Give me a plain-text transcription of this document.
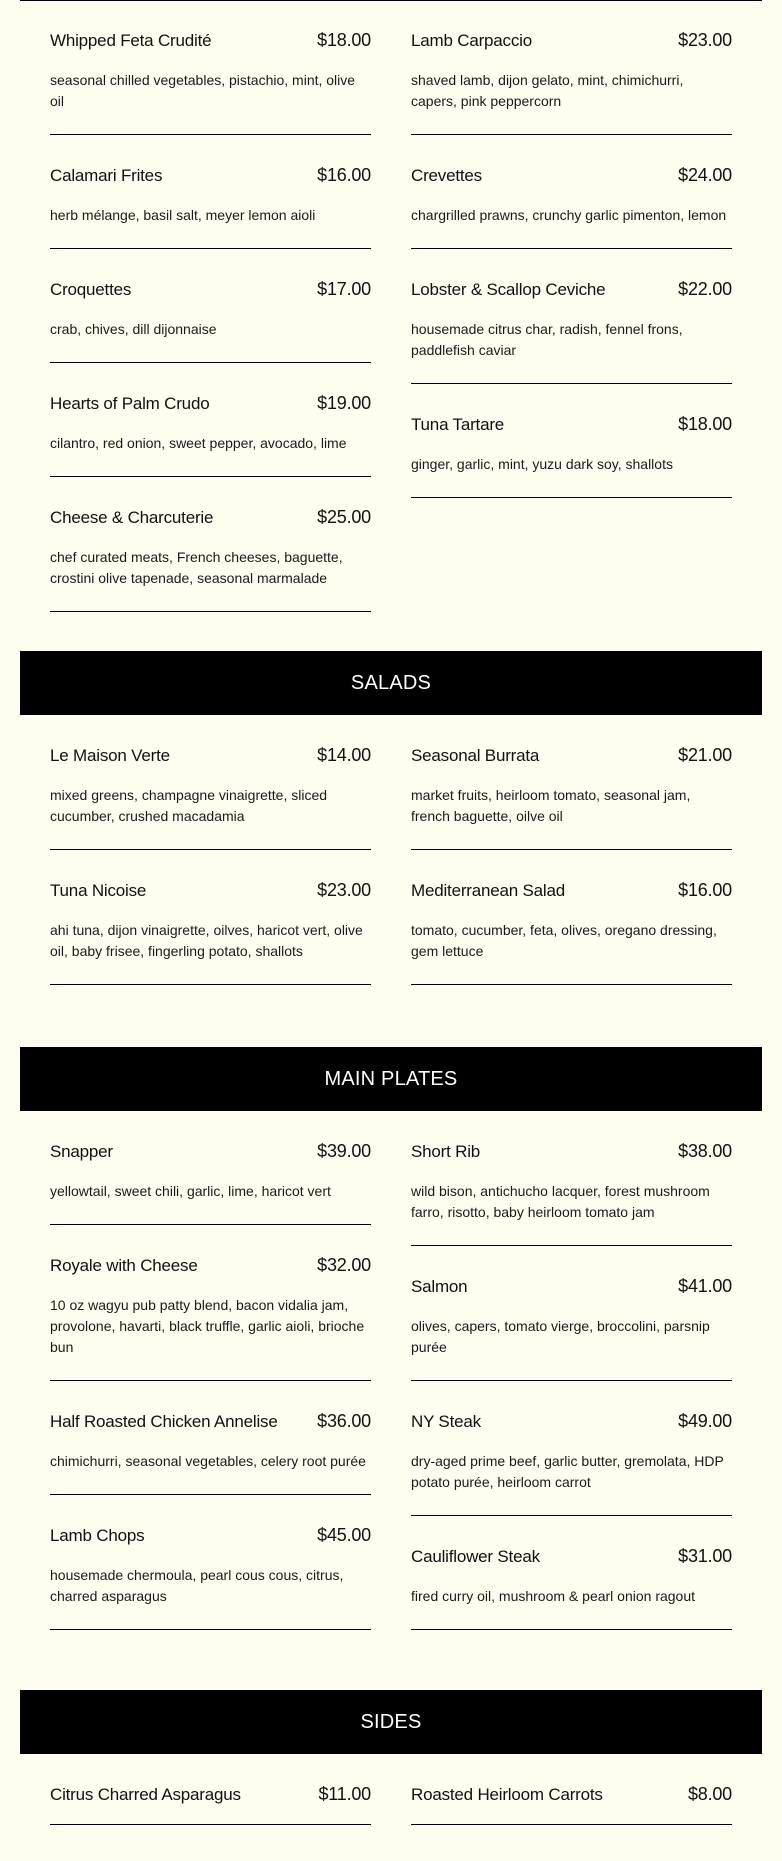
Whipped Feta Crudité	$18.00
seasonal chilled vegetables, pistachio, mint, olive oil
Calamari Frites	$16.00
herb mélange, basil salt, meyer lemon aioli
Croquettes	$17.00
crab, chives, dill dijonnaise
Hearts of Palm Crudo	$19.00
cilantro, red onion, sweet pepper, avocado, lime
Cheese & Charcuterie	$25.00
chef curated meats, French cheeses, baguette, crostini olive tapenade, seasonal marmalade
Lamb Carpaccio	$23.00
shaved lamb, dijon gelato, mint, chimichurri, capers, pink peppercorn
Crevettes	$24.00
chargrilled prawns, crunchy garlic pimenton, lemon
Lobster & Scallop Ceviche	$22.00
housemade citrus char, radish, fennel frons, paddlefish caviar
Tuna Tartare	$18.00
ginger, garlic, mint, yuzu dark soy, shallots
SALADS
Le Maison Verte	$14.00
mixed greens, champagne vinaigrette, sliced cucumber, crushed macadamia
Tuna Nicoise	$23.00
ahi tuna, dijon vinaigrette, oilves, haricot vert, olive oil, baby frisee, fingerling potato, shallots
Seasonal Burrata	$21.00
market fruits, heirloom tomato, seasonal jam, french baguette, oilve oil
Mediterranean Salad	$16.00
tomato, cucumber, feta, olives, oregano dressing, gem lettuce
MAIN PLATES
Snapper	$39.00
yellowtail, sweet chili, garlic, lime, haricot vert
Royale with Cheese	$32.00
10 oz wagyu pub patty blend, bacon vidalia jam, provolone, havarti, black truffle, garlic aioli, brioche bun
Half Roasted Chicken Annelise $36.00
chimichurri, seasonal vegetables, celery root purée
Lamb Chops	$45.00
housemade chermoula, pearl cous cous, citrus, charred asparagus
Short Rib	$38.00
wild bison, antichucho lacquer, forest mushroom farro, risotto, baby heirloom tomato jam
Salmon	$41.00
olives, capers, tomato vierge, broccolini, parsnip purée
NY Steak	$49.00
dry-aged prime beef, garlic butter, gremolata, HDP potato purée, heirloom carrot
Cauliflower Steak	$31.00
fired curry oil, mushroom & pearl onion ragout
SIDES
Citrus Charred Asparagus	$11.00 Roasted Heirloom Carrots	$8.00
